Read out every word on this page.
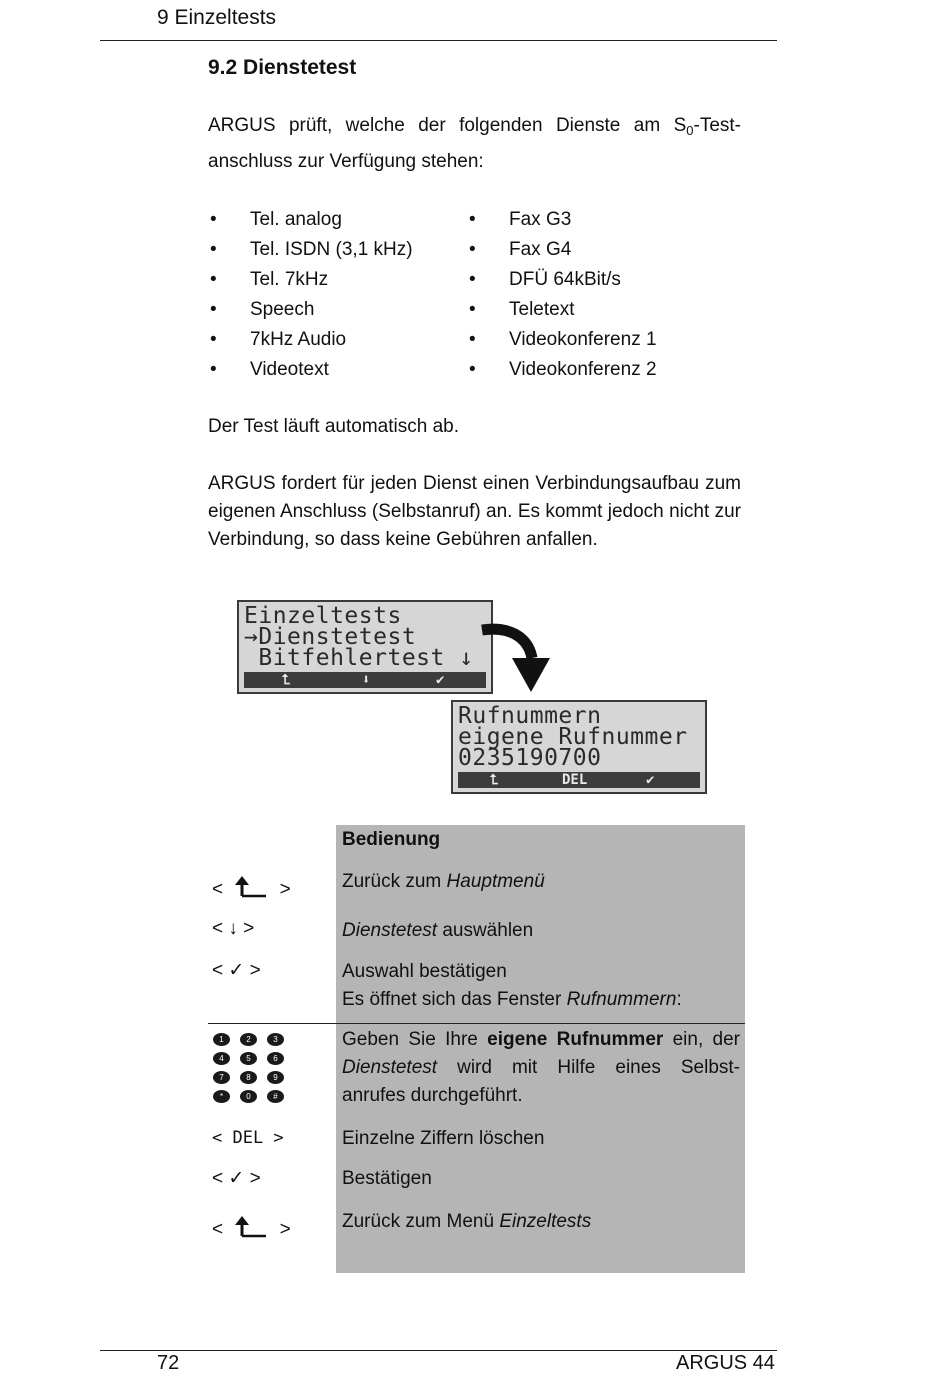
9 Einzeltests
9.2 Dienstetest
ARGUS prüft, welche der folgenden Dienste am $S_0-Test-$
anschluss zur Verfügung stehen:
• Tel. analog
• Tel. ISDN (3,1 kHz)
• Tel. 7kHz
• Speech
• 7kHz Audio
• Videotext
• Fax G3
• Fax G4
• DFÜ 64kBit/s
• Teletext
• Videokonferenz 1
• Videokonferenz 2
Der Test läuft automatisch ab.
ARGUS fordert für jeden Dienst einen Verbindungsaufbau zum eigenen Anschluss (Selbstanruf) an. Es kommt jedoch nicht zur Verbindung, so dass keine Gebühren anfallen.
Einzeltests
→Dienstetest
Bitfehlertest ↓
⮤	⬇	✔
Rufnummern
eigene Rufnummer
0235190700
⮤	DEL	✔
Bedienung
<	>	Zurück zum Hauptmenü
< ↓ >	Dienstetest auswählen
< ✓ >	Auswahl bestätigen
Es öffnet sich das Fenster Rufnummern:
1	2	3
4	5	6
7	8	9
*	0	#
Geben Sie Ihre eigene Rufnummer ein, der
Dienstetest wird mit Hilfe eines Selbst-
anrufes durchgeführt.
< DEL >	Einzelne Ziffern löschen
< ✓ >	Bestätigen
<	>	Zurück zum Menü Einzeltests
72	ARGUS 44
